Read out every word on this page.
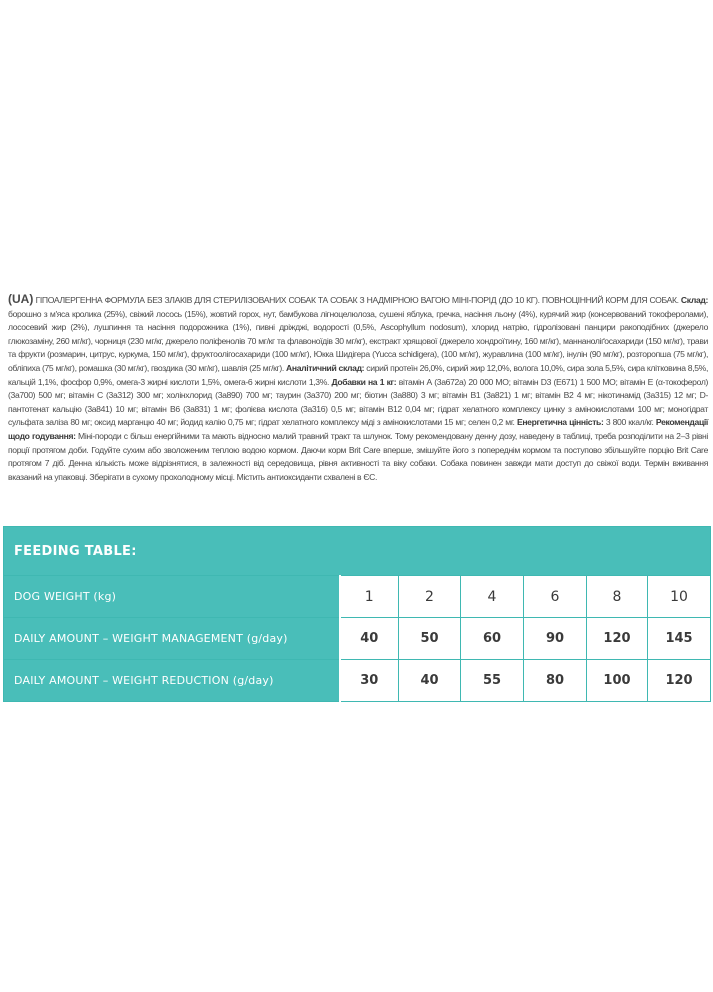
(UA) ГІПОАЛЕРГЕННА ФОРМУЛА БЕЗ ЗЛАКІВ ДЛЯ СТЕРИЛІЗОВАНИХ СОБАК ТА СОБАК З НАДМІРНОЮ ВАГОЮ МІНІ-ПОРІД (ДО 10 КГ). ПОВНОЦІННИЙ КОРМ ДЛЯ СОБАК. Склад: борошно з м'яса кролика (25%), свіжий лосось (15%), жовтий горох, нут, бамбукова лігноцелюлоза, сушені яблука, гречка, насіння льону (4%), курячий жир (консервований токоферолами), лососевий жир (2%), лушпиння та насіння подорожника (1%), пивні дріжджі, водорості (0,5%, Ascophyllum nodosum), хлорид натрію, гідролізовані панцири ракоподібних (джерело глюкозаміну, 260 мг/кг), чорниця (230 мг/кг, джерело поліфенолів 70 мг/кг та флавоноїдів 30 мг/кг), екстракт хрящової (джерело хондроїтину, 160 мг/кг), маннаноліґосахариди (150 мг/кг), трави та фрукти (розмарин, цитрус, куркума, 150 мг/кг), фруктоолігосахариди (100 мг/кг), Юкка Шидігера (Yucca schidigera), (100 мг/кг), журавлина (100 мг/кг), інулін (90 мг/кг), розторопша (75 мг/кг), обліпиха (75 мг/кг), ромашка (30 мг/кг), гвоздика (30 мг/кг), шавлія (25 мг/кг). Аналітичний склад: сирий протеїн 26,0%, сирий жир 12,0%, волога 10,0%, сира зола 5,5%, сира клітковина 8,5%, кальцій 1,1%, фосфор 0,9%, омега-3 жирні кислоти 1,5%, омега-6 жирні кислоти 1,3%. Добавки на 1 кг: вітамін А (3а672а) 20 000 МО; вітамін D3 (Е671) 1 500 МО; вітамін Е (α-токоферол) (3а700) 500 мг; вітамін С (3а312) 300 мг; холінхлорид (3а890) 700 мг; таурин (3а370) 200 мг; біотин (3а880) 3 мг; вітамін В1 (3а821) 1 мг; вітамін В2 4 мг; нікотинамід (3а315) 12 мг; D-пантотенат кальцію (3а841) 10 мг; вітамін В6 (3а831) 1 мг; фолієва кислота (3а316) 0,5 мг; вітамін В12 0,04 мг; гідрат хелатного комплексу цинку з амінокислотами 100 мг; моногідрат сульфата заліза 80 мг; оксид марганцю 40 мг; йодид калію 0,75 мг; гідрат хелатного комплексу міді з амінокислотами 15 мг; селен 0,2 мг. Енергетична цінність: 3 800 ккал/кг. Рекомендації щодо годування: Міні-породи с більш енергійними та мають відносно малий травний тракт та шлунок. Тому рекомендовану денну дозу, наведену в таблиці, треба розподілити на 2–3 рівні порції протягом доби. Годуйте сухим або зволоженим теплою водою кормом. Даючи корм Brit Care вперше, змішуйте його з попереднім кормом та поступово збільшуйте порцію Brit Care протягом 7 діб. Денна кількість може відрізнятися, в залежності від середовища, рівня активності та віку собаки. Собака повинен завжди мати доступ до свіжої води. Термін вживання вказаний на упаковці. Зберігати в сухому прохолодному місці. Містить антиоксиданти схвалені в ЄС.
FEEDING TABLE:						
DOG WEIGHT (kg)	1	2	4	6	8	10
DAILY AMOUNT – WEIGHT MANAGEMENT (g/day)	40	50	60	90	120	145
DAILY AMOUNT – WEIGHT REDUCTION (g/day)	30	40	55	80	100	120
